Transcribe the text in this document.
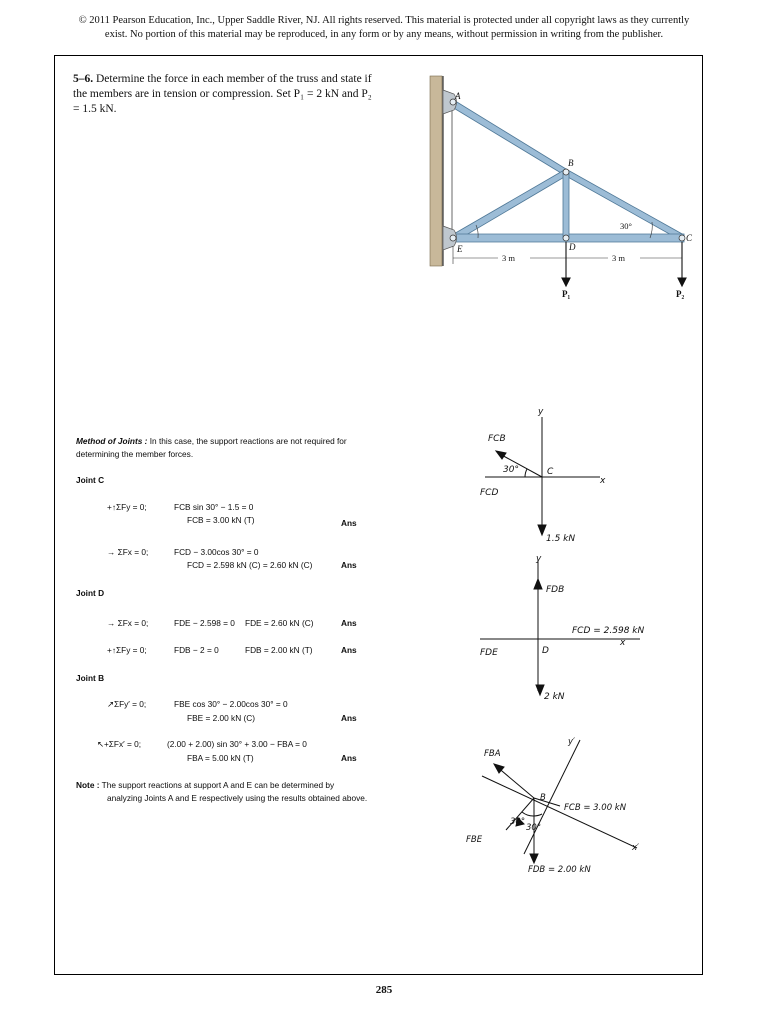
© 2011 Pearson Education, Inc., Upper Saddle River, NJ. All rights reserved. This material is protected under all copyright laws as they currently
exist. No portion of this material may be reproduced, in any form or by any means, without permission in writing from the publisher.
5–6. Determine the force in each member of the truss and state if the members are in tension or compression. Set P₁ = 2 kN and P₂ = 1.5 kN.
A
B
C
D
E
30°
3 m	3 m
P₁	P₂
Method of Joints : In this case, the support reactions are not required for
determining the member forces.
Joint C
+↑ΣFy = 0;	FCB sin 30° − 1.5 = 0
FCB = 3.00 kN (T)	Ans
→ ΣFx = 0;	FCD − 3.00cos 30° = 0
FCD = 2.598 kN (C) = 2.60 kN (C)	Ans
Joint D
→ ΣFx = 0;	FDE − 2.598 = 0 FDE = 2.60 kN (C)	Ans
+↑ΣFy = 0;	FDB − 2 = 0	FDB = 2.00 kN (T)	Ans
Joint B
↗ΣFy′ = 0;	FBE cos 30° − 2.00cos 30° = 0
FBE = 2.00 kN (C)	Ans
↖+ΣFx′ = 0;	(2.00 + 2.00) sin 30° + 3.00 − FBA = 0
FBA = 5.00 kN (T)	Ans
Note : The support reactions at support A and E can be determined by
analyzing Joints A and E respectively using the results obtained above.
y
x
FCB
FCD
30°	C
1.5 kN
y
FDB
FCD = 2.598 kN
x
FDE	D
2 kN
y′
FBA
B
FCB = 3.00 kN
30°
30°
x′
FBE
FDB = 2.00 kN
285
